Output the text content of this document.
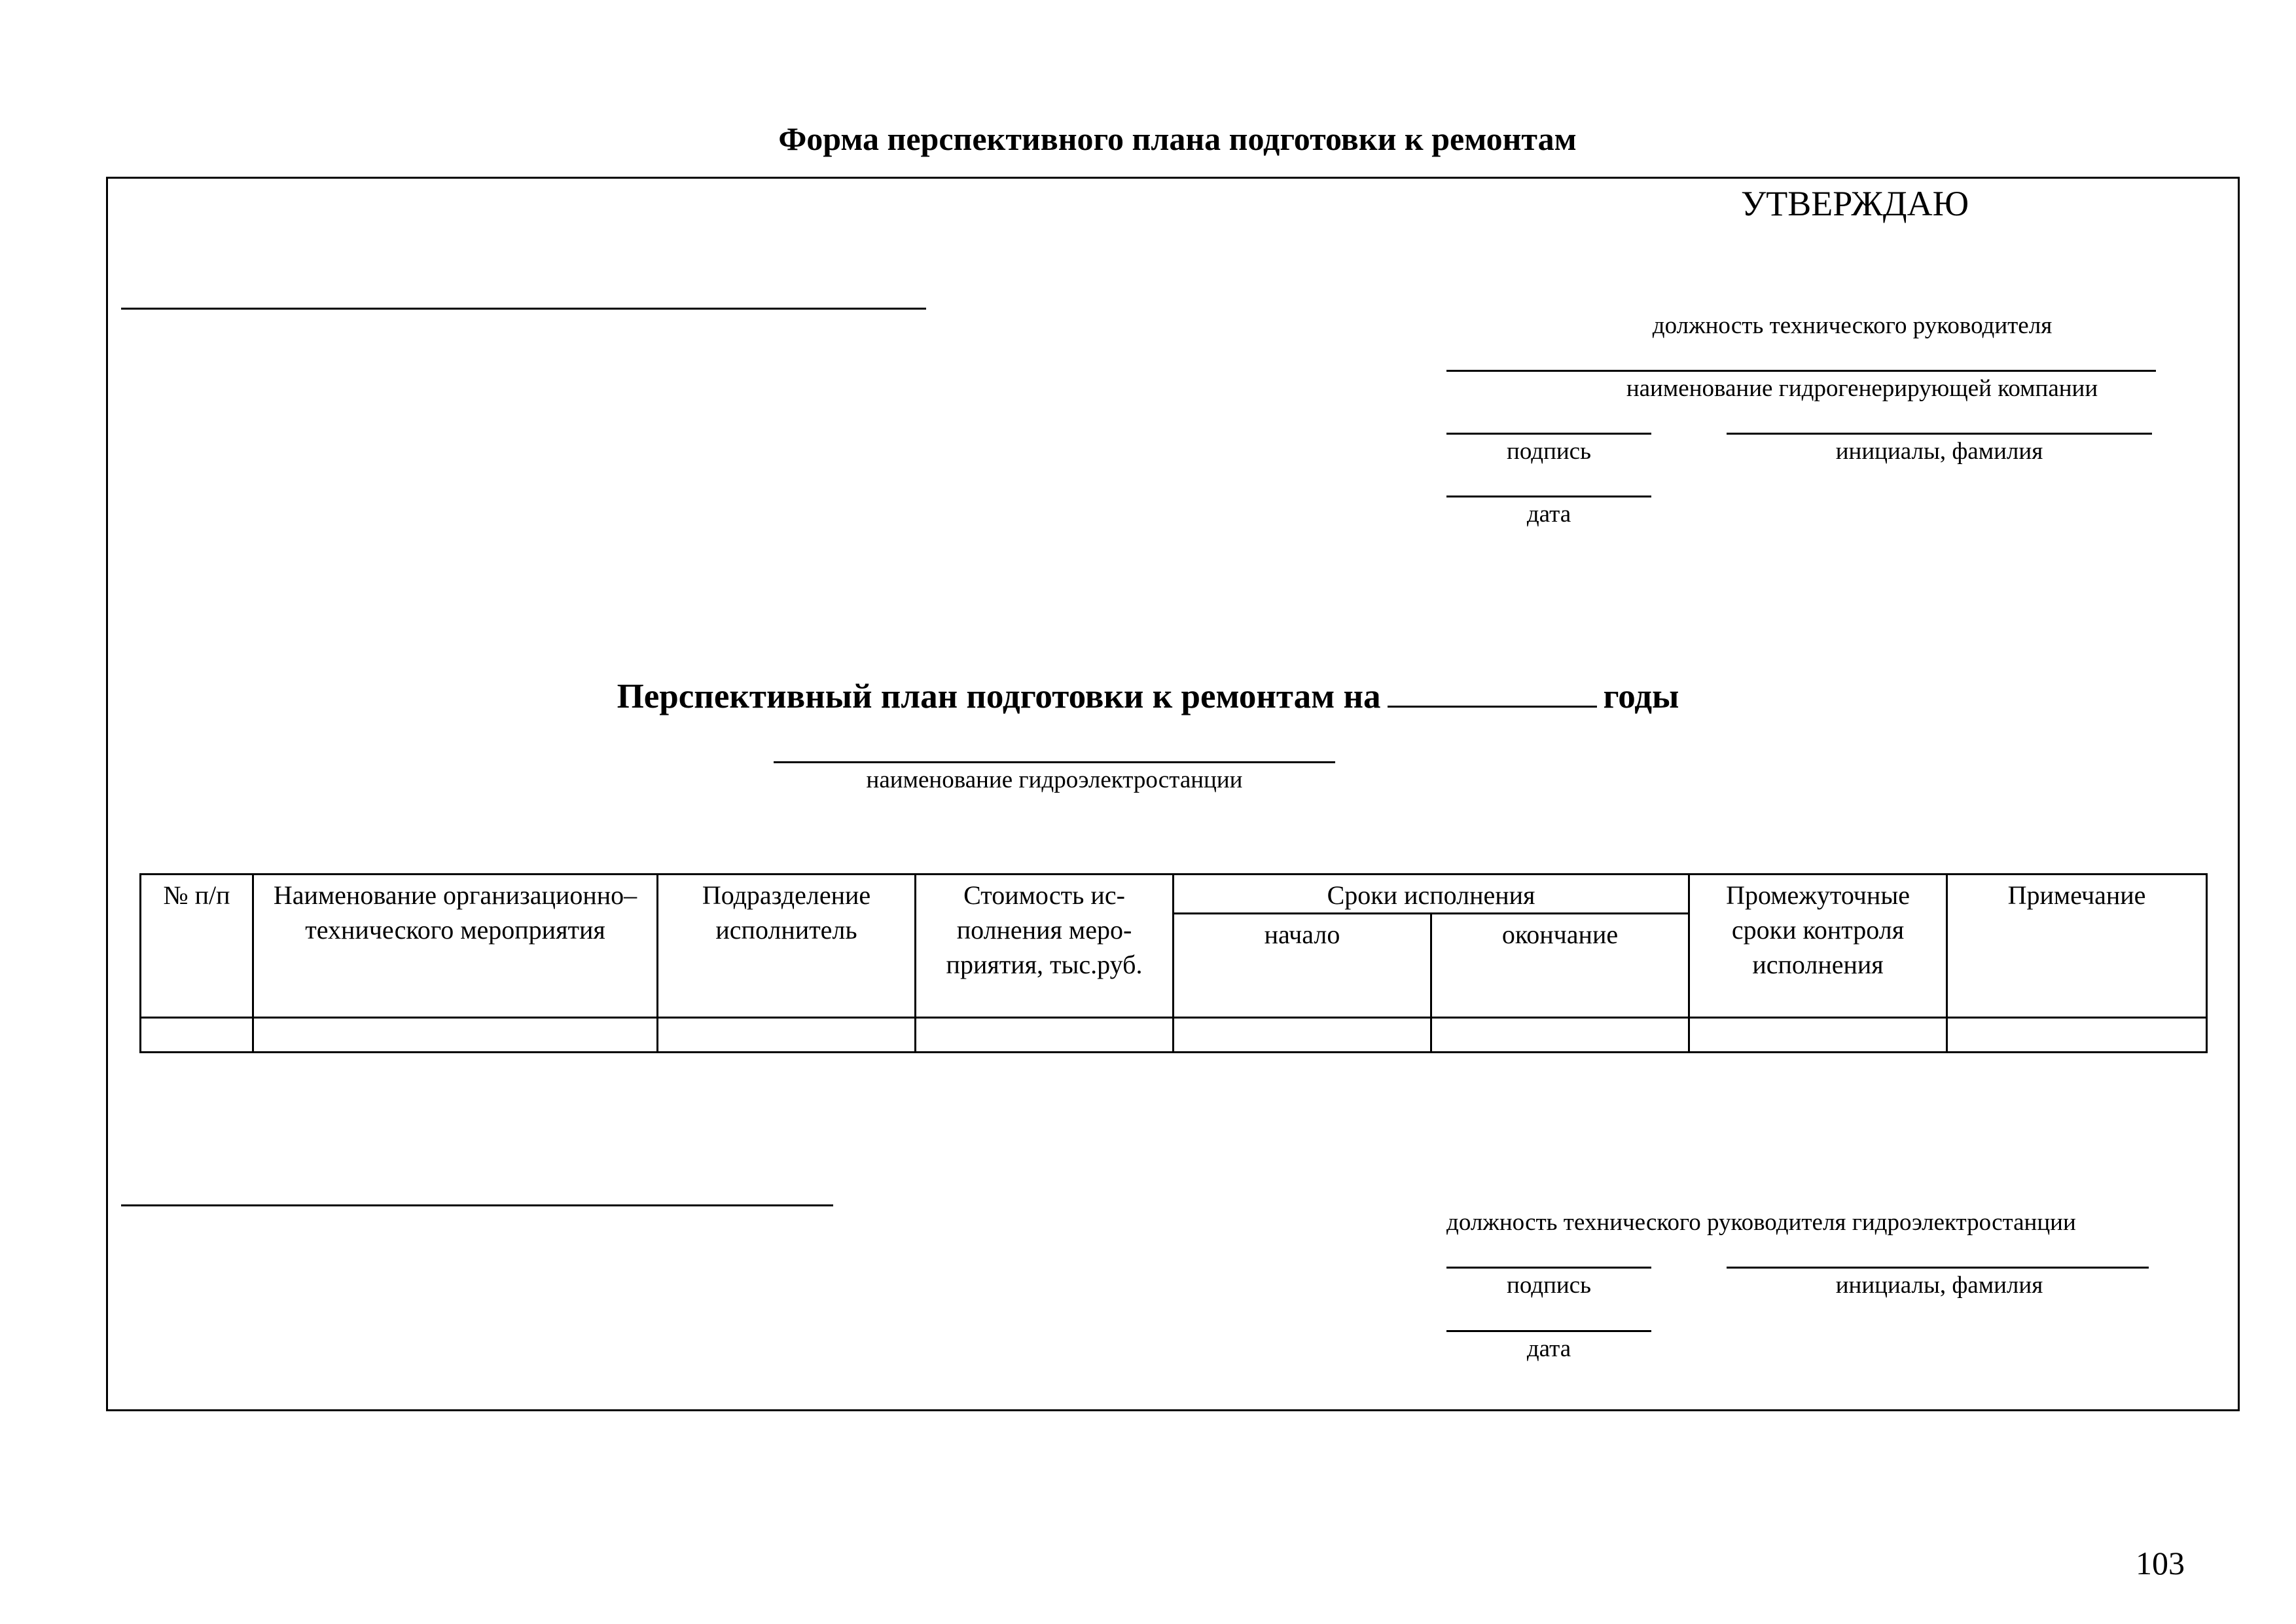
Форма перспективного плана подготовки к ремонтам
УТВЕРЖДАЮ
должность технического руководителя
наименование гидрогенерирующей компании
подпись	инициалы, фамилия
дата
Перспективный план подготовки к ремонтам на	годы
наименование гидроэлектростанции
№ п/п	Наименование организационно–технического мероприятия	Подразделение исполнитель	Стоимость ис-полнения меро-приятия, тыс.руб.	Сроки исполнения		Промежуточные сроки контроля исполнения	Примечание
				начало	окончание		

должность технического руководителя гидроэлектростанции
подпись	инициалы, фамилия
дата
103
